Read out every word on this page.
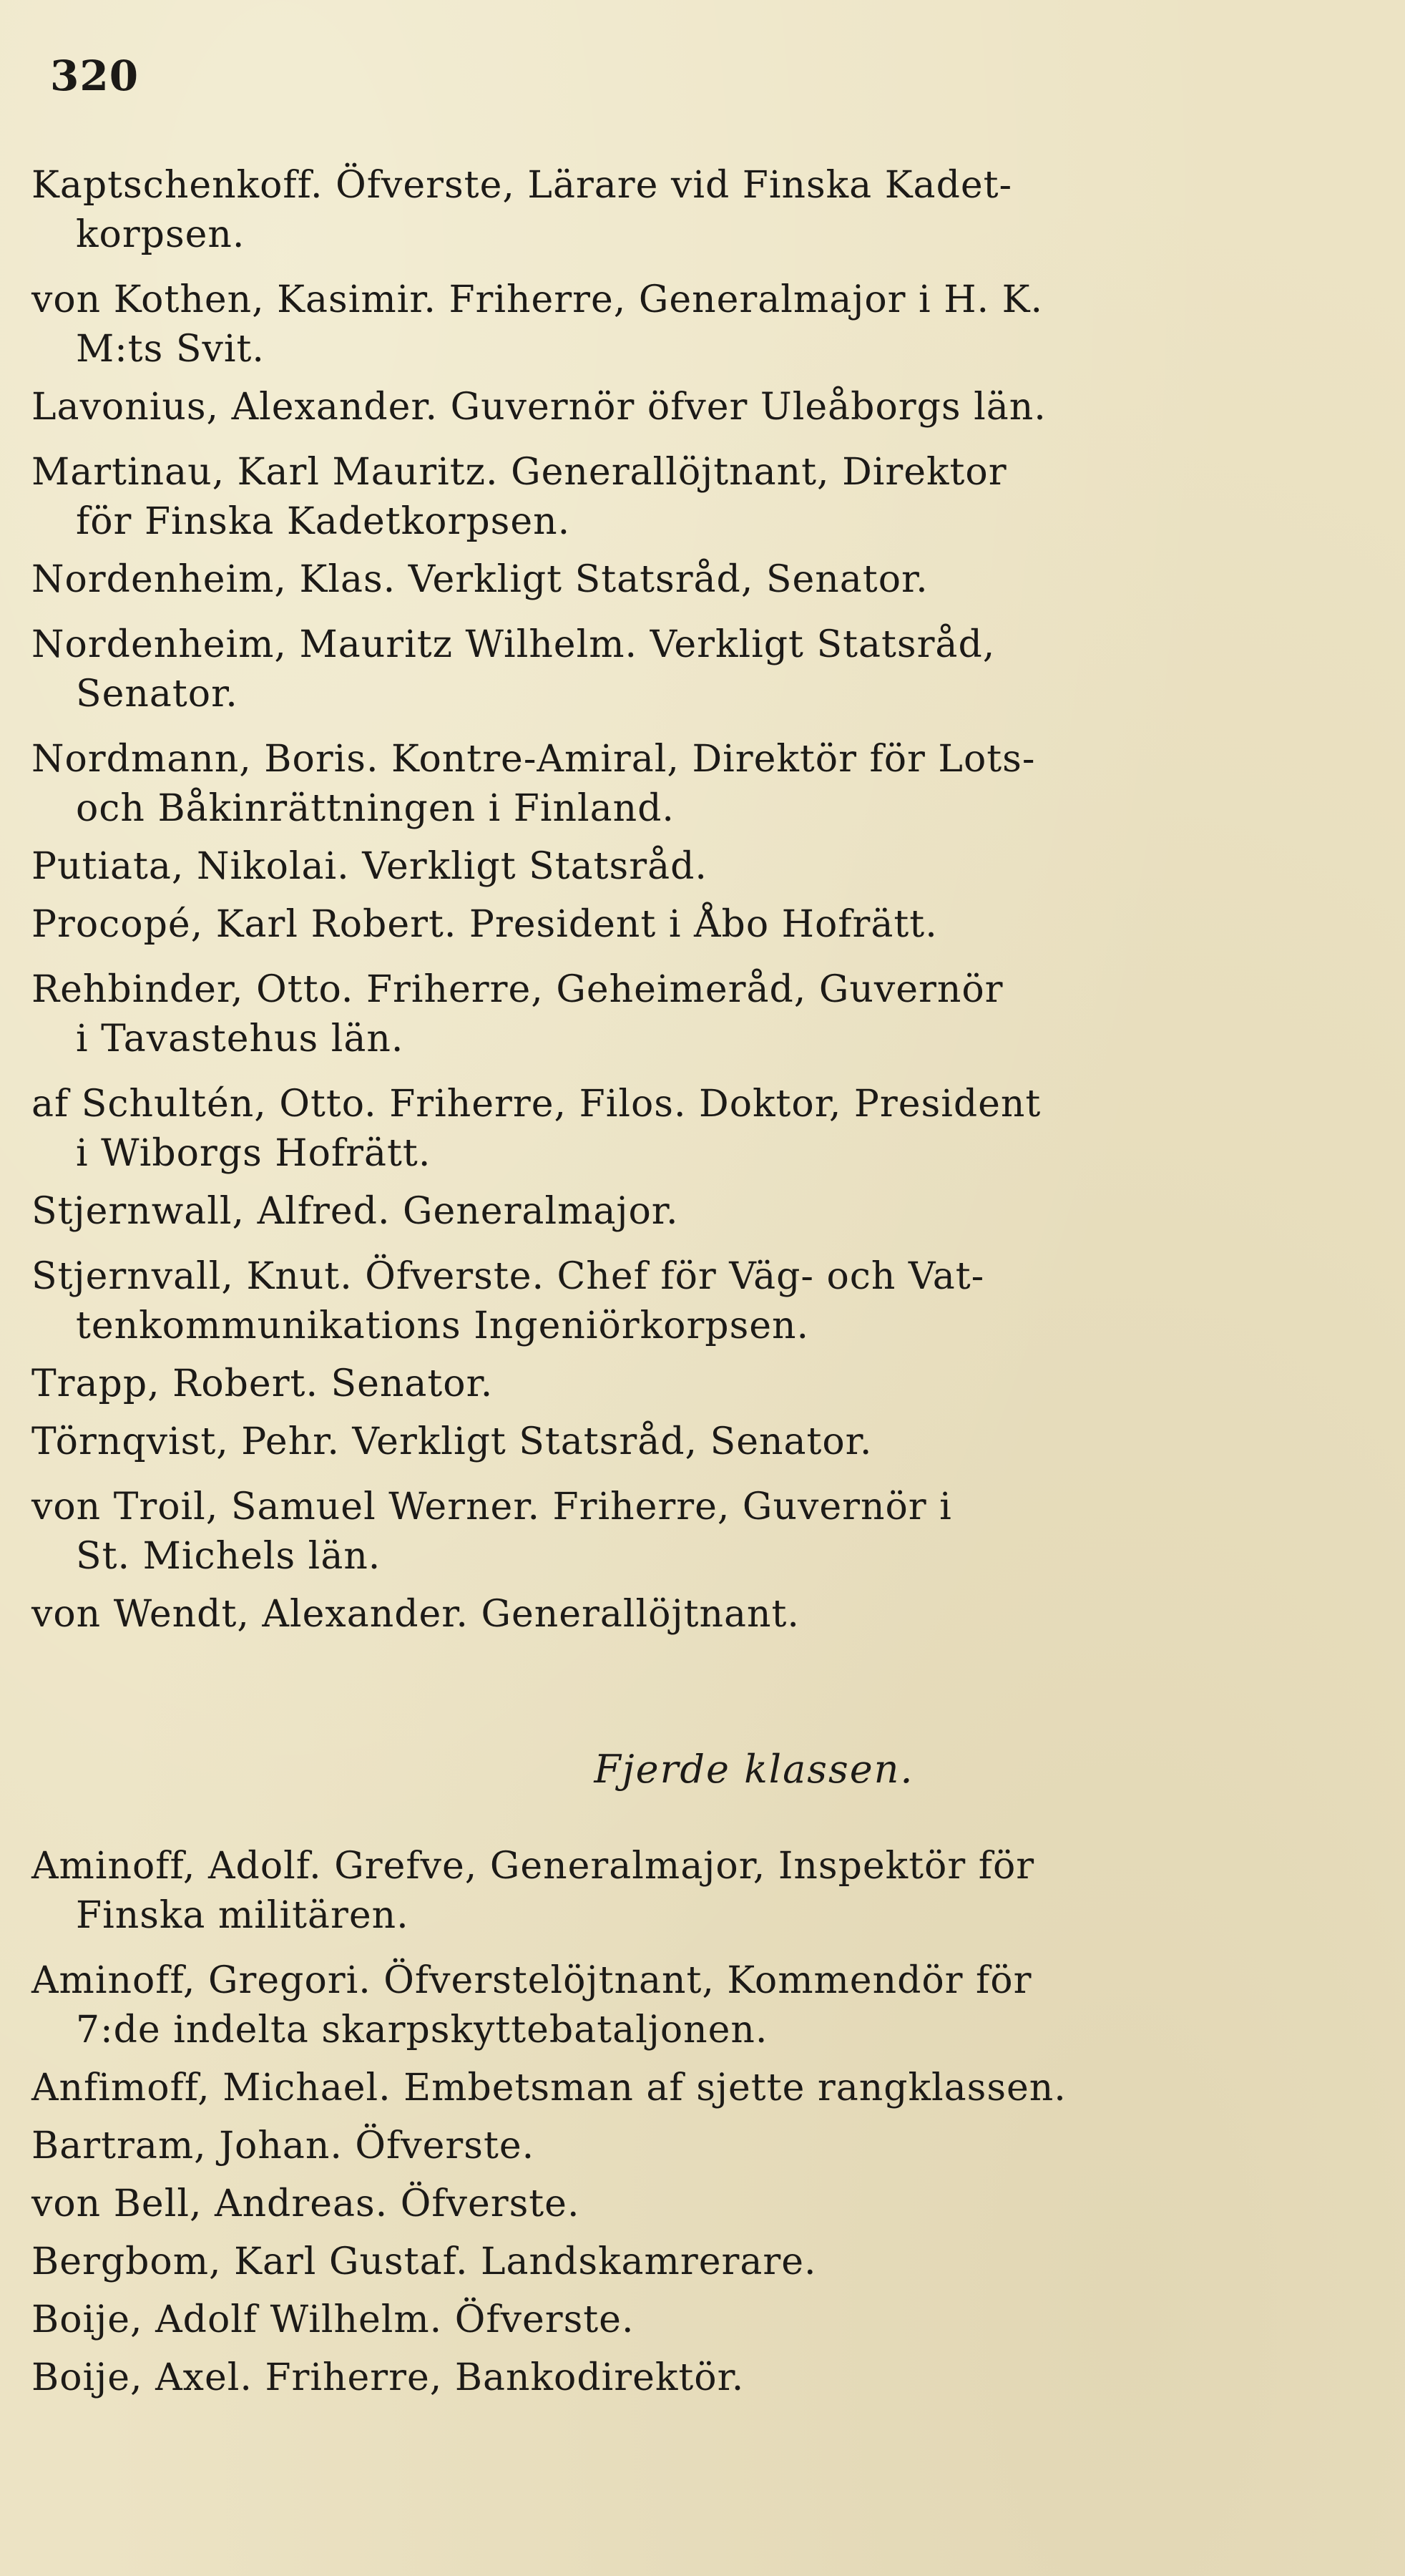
320
Kaptschenkoff. Öfverste, Lärare vid Finska Kadet-
korpsen.
von Kothen, Kasimir. Friherre, Generalmajor i H. K.
M:ts Svit.
Lavonius, Alexander. Guvernör öfver Uleåborgs län.
Martinau, Karl Mauritz. Generallöjtnant, Direktor
för Finska Kadetkorpsen.
Nordenheim, Klas. Verkligt Statsråd, Senator.
Nordenheim, Mauritz Wilhelm. Verkligt Statsråd,
Senator.
Nordmann, Boris. Kontre-Amiral, Direktör för Lots-
och Båkinrättningen i Finland.
Putiata, Nikolai. Verkligt Statsråd.
Procopé, Karl Robert. President i Åbo Hofrätt.
Rehbinder, Otto. Friherre, Geheimeråd, Guvernör
i Tavastehus län.
af Schultén, Otto. Friherre, Filos. Doktor, President
i Wiborgs Hofrätt.
Stjernwall, Alfred. Generalmajor.
Stjernvall, Knut. Öfverste. Chef för Väg- och Vat-
tenkommunikations Ingeniörkorpsen.
Trapp, Robert. Senator.
Törnqvist, Pehr. Verkligt Statsråd, Senator.
von Troil, Samuel Werner. Friherre, Guvernör i
St. Michels län.
von Wendt, Alexander. Generallöjtnant.
Fjerde klassen.
Aminoff, Adolf. Grefve, Generalmajor, Inspektör för
Finska militären.
Aminoff, Gregori. Öfverstelöjtnant, Kommendör för
7:de indelta skarpskyttebataljonen.
Anfimoff, Michael. Embetsman af sjette rangklassen.
Bartram, Johan. Öfverste.
von Bell, Andreas. Öfverste.
Bergbom, Karl Gustaf. Landskamrerare.
Boije, Adolf Wilhelm. Öfverste.
Boije, Axel. Friherre, Bankodirektör.
